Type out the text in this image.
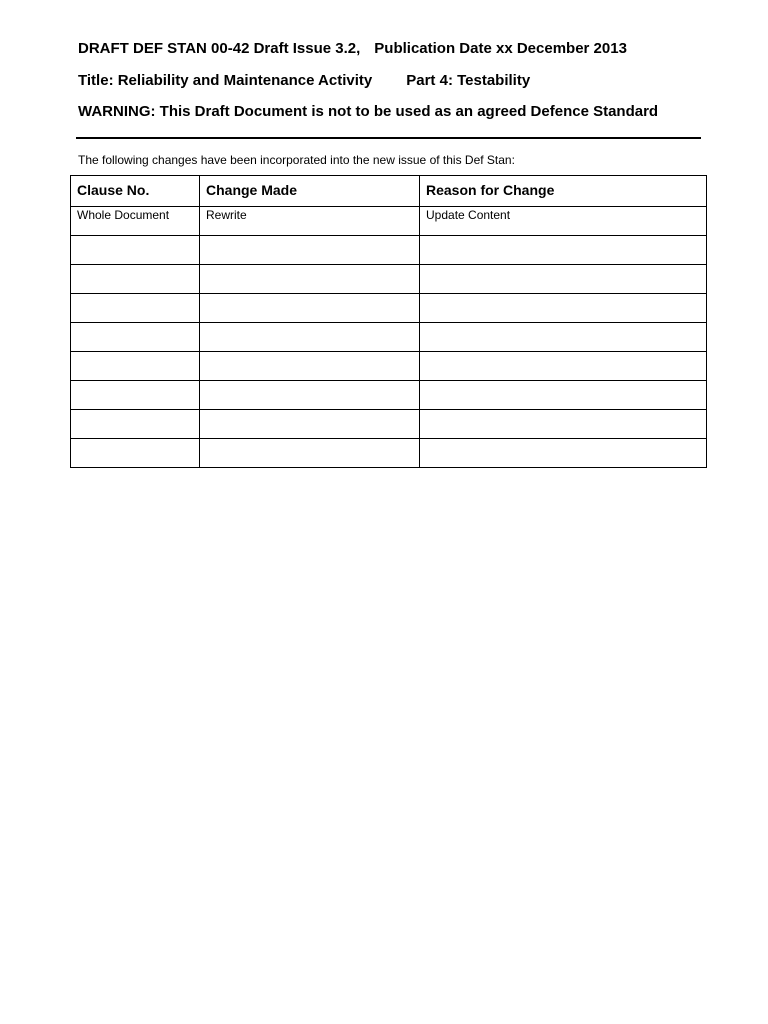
DRAFT DEF STAN 00-42 Draft Issue 3.2, Publication Date xx December 2013
Title: Reliability and Maintenance Activity Part 4: Testability
WARNING: This Draft Document is not to be used as an agreed Defence Standard
The following changes have been incorporated into the new issue of this Def Stan:
Clause No.	Change Made	Reason for Change
Whole Document	Rewrite	Update Content
